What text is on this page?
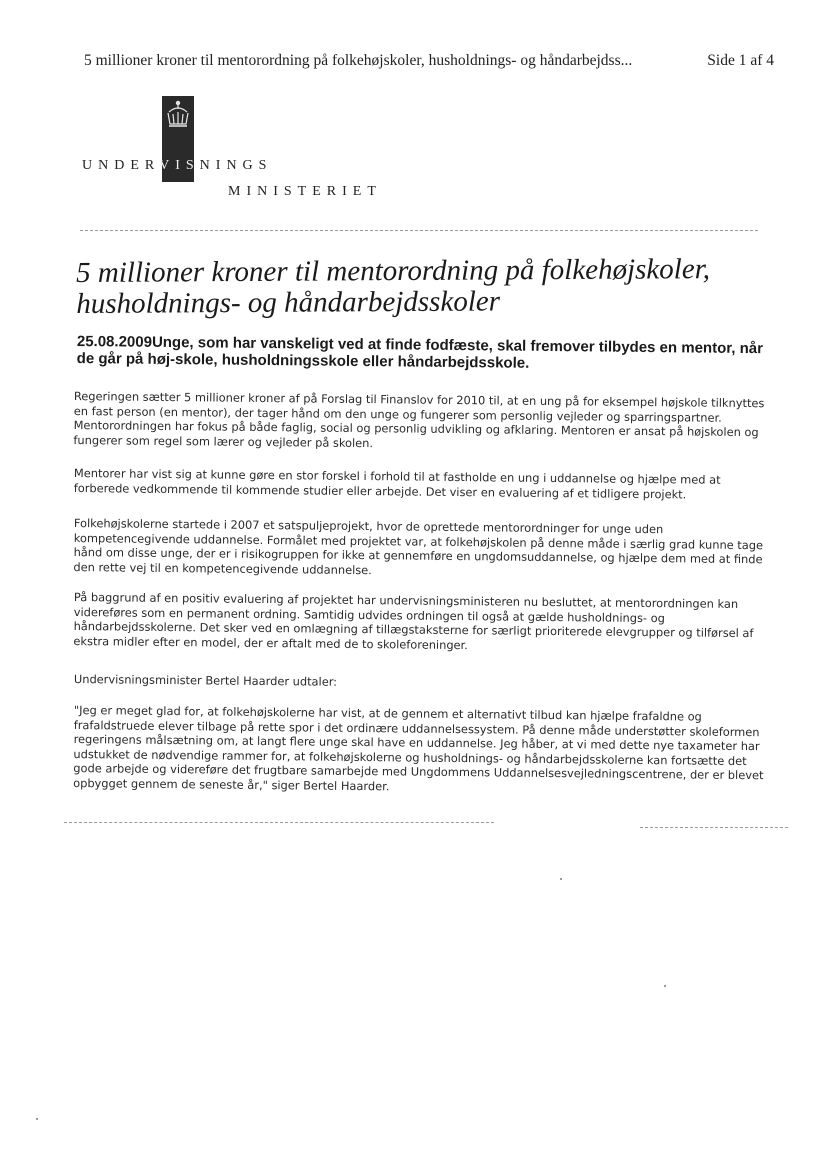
5 millioner kroner til mentorordning på folkehøjskoler, husholdnings- og håndarbejdss...	Side 1 af 4
UNDERVISNINGS
MINISTERIET
5 millioner kroner til mentorordning på folkehøjskoler, husholdnings- og håndarbejdsskoler

25.08.2009Unge, som har vanskeligt ved at finde fodfæste, skal fremover tilbydes en mentor, når de går på høj-skole, husholdningsskole eller håndarbejdsskole.

Regeringen sætter 5 millioner kroner af på Forslag til Finanslov for 2010 til, at en ung på for eksempel højskole tilknyttes en fast person (en mentor), der tager hånd om den unge og fungerer som personlig vejleder og sparringspartner. Mentorordningen har fokus på både faglig, social og personlig udvikling og afklaring. Mentoren er ansat på højskolen og fungerer som regel som lærer og vejleder på skolen.

Mentorer har vist sig at kunne gøre en stor forskel i forhold til at fastholde en ung i uddannelse og hjælpe med at forberede vedkommende til kommende studier eller arbejde. Det viser en evaluering af et tidligere projekt.

Folkehøjskolerne startede i 2007 et satspuljeprojekt, hvor de oprettede mentorordninger for unge uden kompetencegivende uddannelse. Formålet med projektet var, at folkehøjskolen på denne måde i særlig grad kunne tage hånd om disse unge, der er i risikogruppen for ikke at gennemføre en ungdomsuddannelse, og hjælpe dem med at finde den rette vej til en kompetencegivende uddannelse.

På baggrund af en positiv evaluering af projektet har undervisningsministeren nu besluttet, at mentorordningen kan videreføres som en permanent ordning. Samtidig udvides ordningen til også at gælde husholdnings- og håndarbejdsskolerne. Det sker ved en omlægning af tillægstaksterne for særligt prioriterede elevgrupper og tilførsel af ekstra midler efter en model, der er aftalt med de to skoleforeninger.

Undervisningsminister Bertel Haarder udtaler:

"Jeg er meget glad for, at folkehøjskolerne har vist, at de gennem et alternativt tilbud kan hjælpe frafaldne og frafaldstruede elever tilbage på rette spor i det ordinære uddannelsessystem. På denne måde understøtter skoleformen regeringens målsætning om, at langt flere unge skal have en uddannelse. Jeg håber, at vi med dette nye taxameter har udstukket de nødvendige rammer for, at folkehøjskolerne og husholdnings- og håndarbejdsskolerne kan fortsætte det gode arbejde og videreføre det frugtbare samarbejde med Ungdommens Uddannelsesvejledningscentrene, der er blevet opbygget gennem de seneste år," siger Bertel Haarder.
